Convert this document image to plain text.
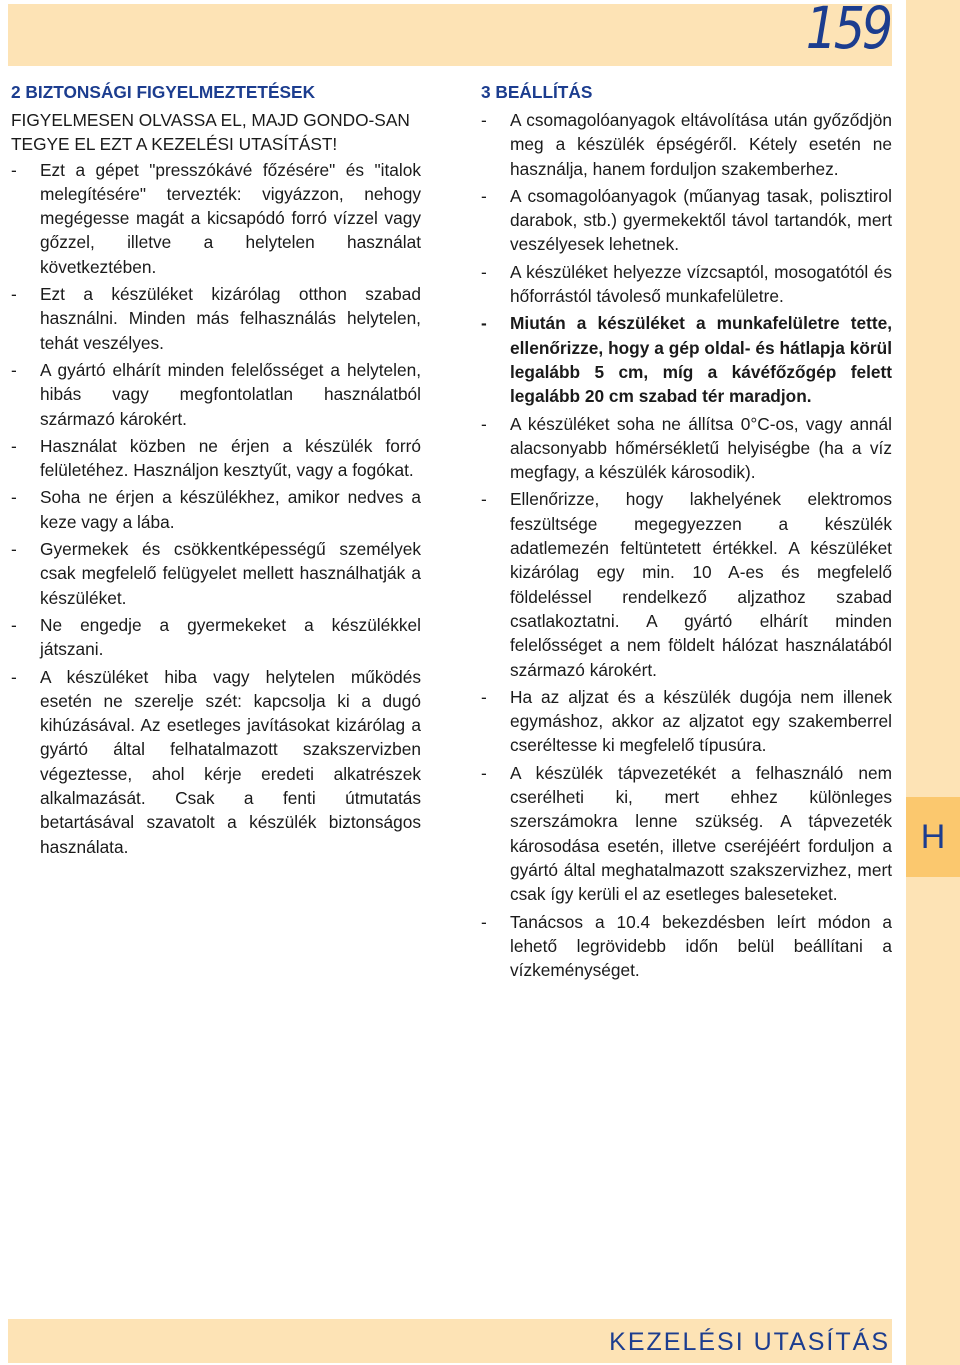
159
2 BIZTONSÁGI FIGYELMEZTETÉSEK
FIGYELMESEN OLVASSA EL, MAJD GONDO-SAN TEGYE EL EZT A KEZELÉSI UTASÍTÁST!
- Ezt a gépet "presszókávé főzésére" és "italok melegítésére" tervezték: vigyázzon, nehogy megégesse magát a kicsapódó forró vízzel vagy gőzzel, illetve a helytelen használat következtében.
- Ezt a készüléket kizárólag otthon szabad használni. Minden más felhasználás helytelen, tehát veszélyes.
- A gyártó elhárít minden felelősséget a helytelen, hibás vagy megfontolatlan használatból származó károkért.
- Használat közben ne érjen a készülék forró felületéhez. Használjon kesztyűt, vagy a fogókat.
- Soha ne érjen a készülékhez, amikor nedves a keze vagy a lába.
- Gyermekek és csökkentképességű személyek csak megfelelő felügyelet mellett használhatják a készüléket.
- Ne engedje a gyermekeket a készülékkel játszani.
- A készüléket hiba vagy helytelen működés esetén ne szerelje szét: kapcsolja ki a dugó kihúzásával. Az esetleges javításokat kizárólag a gyártó által felhatalmazott szakszervizben végeztesse, ahol kérje eredeti alkatrészek alkalmazását. Csak a fenti útmutatás betartásával szavatolt a készülék biztonságos használata.
3 BEÁLLÍTÁS
- A csomagolóanyagok eltávolítása után győződjön meg a készülék épségéről. Kétely esetén ne használja, hanem forduljon szakemberhez.
- A csomagolóanyagok (műanyag tasak, polisztirol darabok, stb.) gyermekektől távol tartandók, mert veszélyesek lehetnek.
- A készüléket helyezze vízcsaptól, mosogatótól és hőforrástól távoleső munkafelületre.
- Miután a készüléket a munkafelületre tette, ellenőrizze, hogy a gép oldal- és hátlapja körül legalább 5 cm, míg a kávéfőzőgép felett legalább 20 cm szabad tér maradjon.
- A készüléket soha ne állítsa 0°C-os, vagy annál alacsonyabb hőmérsékletű helyiségbe (ha a víz megfagy, a készülék károsodik).
- Ellenőrizze, hogy lakhelyének elektromos feszültsége megegyezzen a készülék adatlemezén feltüntetett értékkel. A készüléket kizárólag egy min. 10 A-es és megfelelő földeléssel rendelkező aljzathoz szabad csatlakoztatni. A gyártó elhárít minden felelősséget a nem földelt hálózat használatából származó károkért.
- Ha az aljzat és a készülék dugója nem illenek egymáshoz, akkor az aljzatot egy szakemberrel cseréltesse ki megfelelő típusúra.
- A készülék tápvezetékét a felhasználó nem cserélheti ki, mert ehhez különleges szerszámokra lenne szükség. A tápvezeték károsodása esetén, illetve cseréjéért forduljon a gyártó által meghatalmazott szakszervizhez, mert csak így kerüli el az esetleges baleseteket.
- Tanácsos a 10.4 bekezdésben leírt módon a lehető legrövidebb időn belül beállítani a vízkeménységet.
H
KEZELÉSI UTASÍTÁS
